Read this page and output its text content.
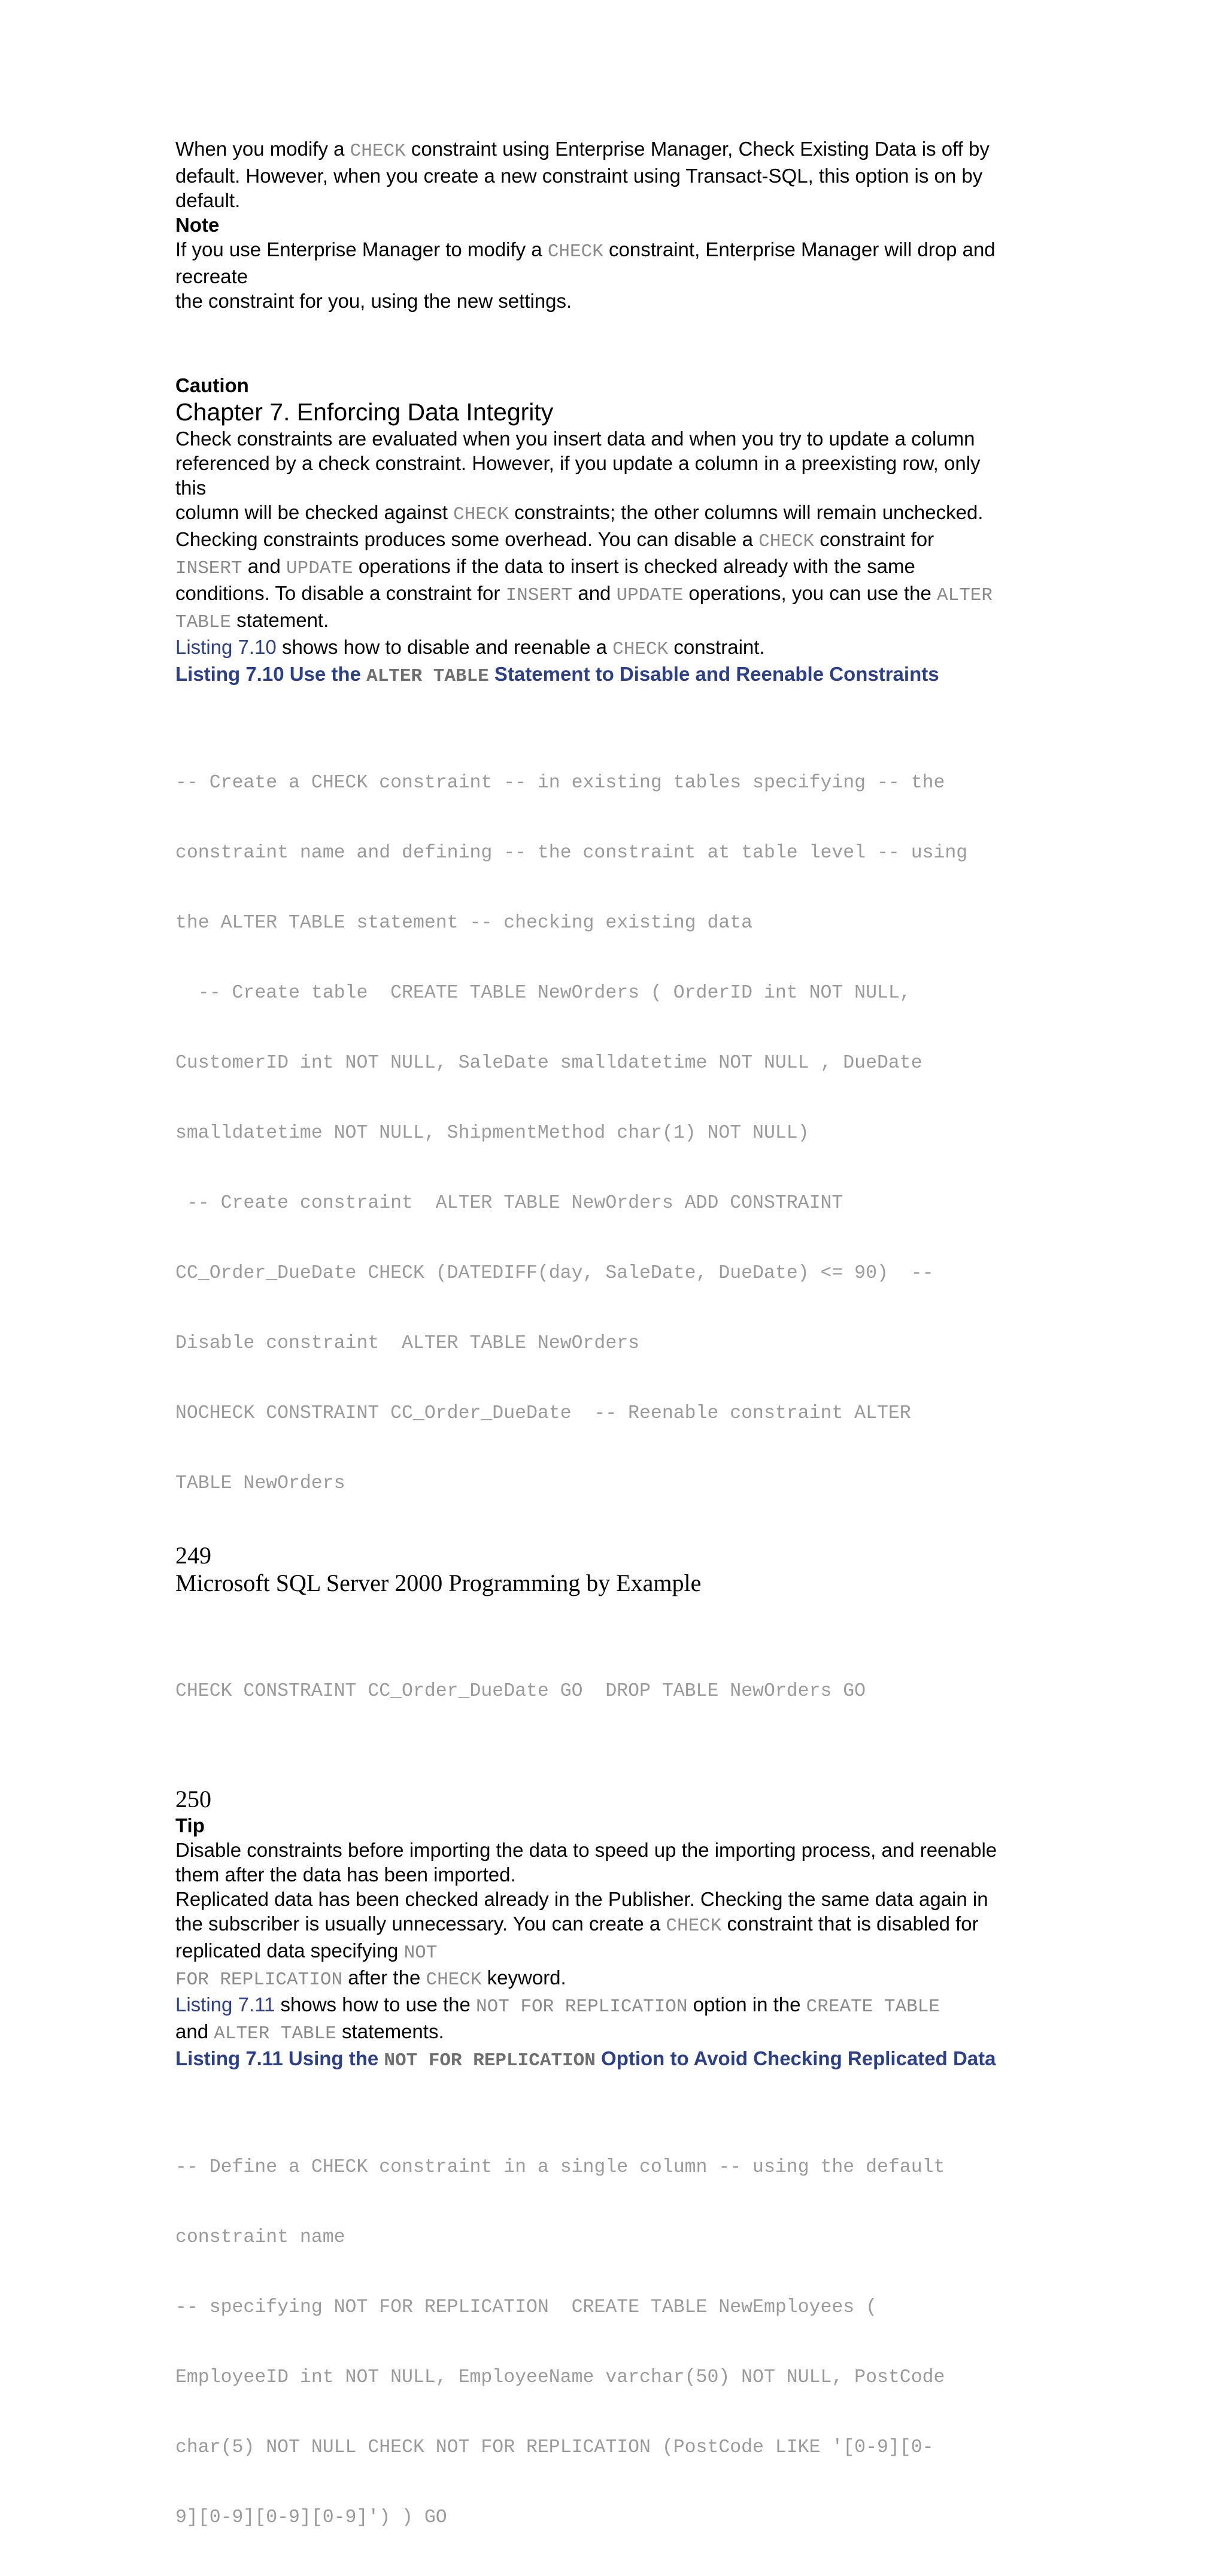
When you modify a CHECK constraint using Enterprise Manager, Check Existing Data is off by
default. However, when you create a new constraint using Transact-SQL, this option is on by
default.

Note

If you use Enterprise Manager to modify a CHECK constraint, Enterprise Manager will drop and
recreate
the constraint for you, using the new settings.

Caution

Chapter 7. Enforcing Data Integrity

Check constraints are evaluated when you insert data and when you try to update a column
referenced by a check constraint. However, if you update a column in a preexisting row, only
this
column will be checked against CHECK constraints; the other columns will remain unchecked.
Checking constraints produces some overhead. You can disable a CHECK constraint for
INSERT and UPDATE operations if the data to insert is checked already with the same
conditions. To disable a constraint for INSERT and UPDATE operations, you can use the ALTER
TABLE statement.

Listing 7.10 shows how to disable and reenable a CHECK constraint.

Listing 7.10 Use the ALTER TABLE Statement to Disable and Reenable Constraints

-- Create a CHECK constraint -- in existing tables specifying -- the

constraint name and defining -- the constraint at table level -- using

the ALTER TABLE statement -- checking existing data

-- Create table  CREATE TABLE NewOrders ( OrderID int NOT NULL,

CustomerID int NOT NULL, SaleDate smalldatetime NOT NULL , DueDate

smalldatetime NOT NULL, ShipmentMethod char(1) NOT NULL)

-- Create constraint  ALTER TABLE NewOrders ADD CONSTRAINT

CC_Order_DueDate CHECK (DATEDIFF(day, SaleDate, DueDate) <= 90)  --

Disable constraint  ALTER TABLE NewOrders

NOCHECK CONSTRAINT CC_Order_DueDate  -- Reenable constraint ALTER

TABLE NewOrders

249

Microsoft SQL Server 2000 Programming by Example

CHECK CONSTRAINT CC_Order_DueDate GO  DROP TABLE NewOrders GO

250

Tip

Disable constraints before importing the data to speed up the importing process, and reenable
them after the data has been imported.
Replicated data has been checked already in the Publisher. Checking the same data again in
the subscriber is usually unnecessary. You can create a CHECK constraint that is disabled for
replicated data specifying NOT
FOR REPLICATION after the CHECK keyword.
Listing 7.11 shows how to use the NOT FOR REPLICATION option in the CREATE TABLE
and ALTER TABLE statements.

Listing 7.11 Using the NOT FOR REPLICATION Option to Avoid Checking Replicated Data

-- Define a CHECK constraint in a single column -- using the default

constraint name

-- specifying NOT FOR REPLICATION  CREATE TABLE NewEmployees (

EmployeeID int NOT NULL, EmployeeName varchar(50) NOT NULL, PostCode

char(5) NOT NULL CHECK NOT FOR REPLICATION (PostCode LIKE '[0-9][0-

9][0-9][0-9][0-9]') ) GO
